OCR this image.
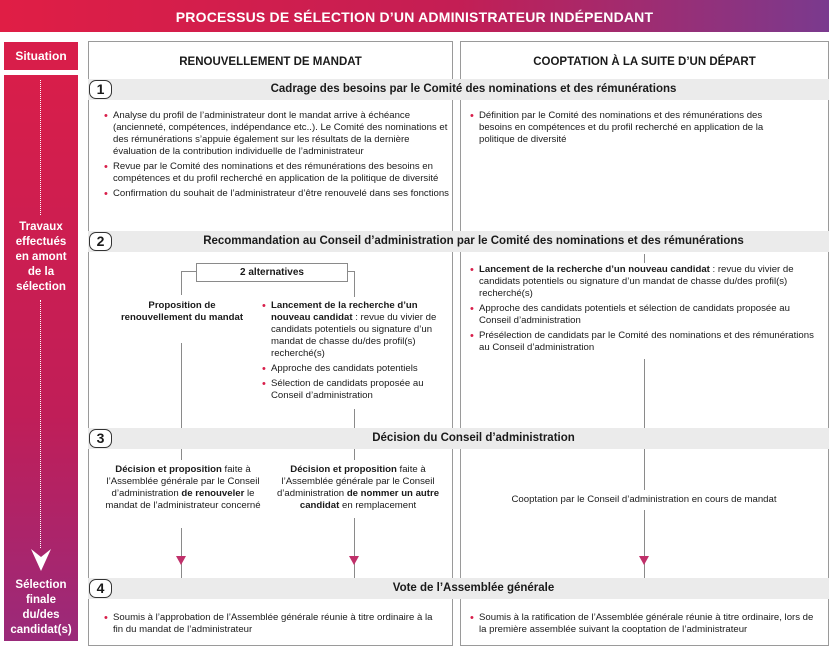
PROCESSUS DE SÉLECTION D’UN ADMINISTRATEUR INDÉPENDANT
Situation
Travaux
effectués
en amont
de la
sélection
Sélection
finale
du/des
candidat(s)
RENOUVELLEMENT DE MANDAT	COOPTATION À LA SUITE D’UN DÉPART
1	Cadrage des besoins par le Comité des nominations et des rémunérations
• Analyse du profil de l’administrateur dont le mandat arrive à échéance (ancienneté, compétences, indépendance etc..). Le Comité des nominations et des rémunérations s’appuie également sur les résultats de la dernière évaluation de la contribution individuelle de l’administrateur
• Revue par le Comité des nominations et des rémunérations des besoins en compétences et du profil recherché en application de la politique de diversité
• Confirmation du souhait de l’administrateur d’être renouvelé dans ses fonctions
• Définition par le Comité des nominations et des rémunérations des besoins en compétences et du profil recherché en application de la politique de diversité
2	Recommandation au Conseil d’administration par le Comité des nominations et des rémunérations
2 alternatives
Proposition de renouvellement du mandat
• Lancement de la recherche d’un nouveau candidat : revue du vivier de candidats potentiels ou signature d’un mandat de chasse du/des profil(s) recherché(s)
• Approche des candidats potentiels
• Sélection de candidats proposée au Conseil d’administration
• Lancement de la recherche d’un nouveau candidat : revue du vivier de candidats potentiels ou signature d’un mandat de chasse du/des profil(s) recherché(s)
• Approche des candidats potentiels et sélection de candidats proposée au Conseil d’administration
• Présélection de candidats par le Comité des nominations et des rémunérations au Conseil d’administration
3	Décision du Conseil d’administration
Décision et proposition faite à l’Assemblée générale par le Conseil d’administration de renouveler le mandat de l’administrateur concerné
Décision et proposition faite à l’Assemblée générale par le Conseil d’administration de nommer un autre candidat en remplacement
Cooptation par le Conseil d’administration en cours de mandat
4	Vote de l’Assemblée générale
• Soumis à l’approbation de l’Assemblée générale réunie à titre ordinaire à la fin du mandat de l’administrateur
• Soumis à la ratification de l’Assemblée générale réunie à titre ordinaire, lors de la première assemblée suivant la cooptation de l’administrateur
